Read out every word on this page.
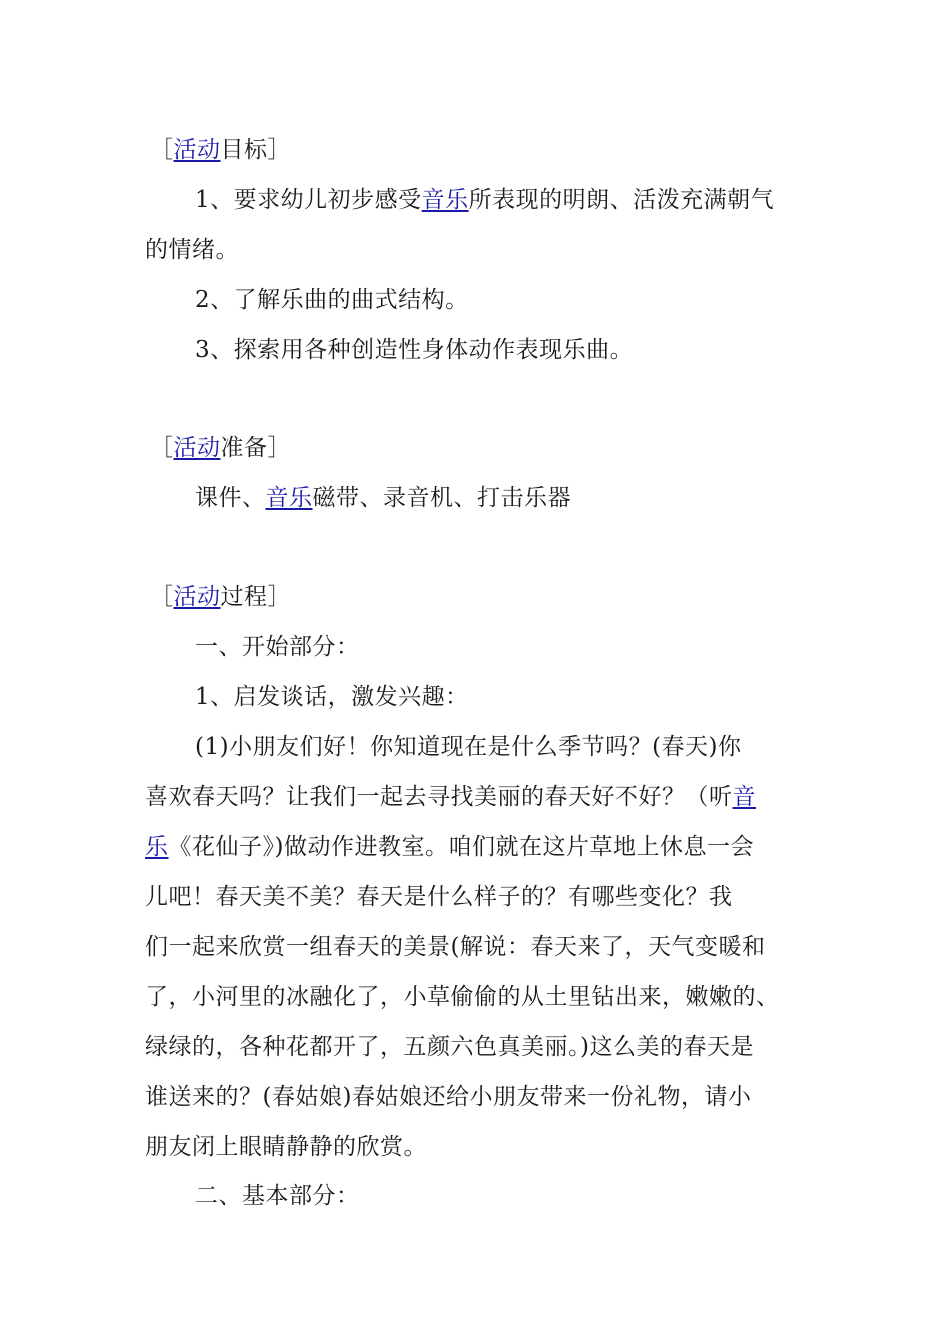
［活动目标］
1、要求幼儿初步感受音乐所表现的明朗、活泼充满朝气
的情绪。
2、了解乐曲的曲式结构。
3、探索用各种创造性身体动作表现乐曲。
［活动准备］
课件、音乐磁带、录音机、打击乐器
［活动过程］
一、开始部分：
1、启发谈话，激发兴趣：
(1)小朋友们好！你知道现在是什么季节吗？(春天)你
喜欢春天吗？让我们一起去寻找美丽的春天好不好？（听音
乐《花仙子》)做动作进教室。咱们就在这片草地上休息一会
儿吧！春天美不美？春天是什么样子的？有哪些变化？我
们一起来欣赏一组春天的美景(解说：春天来了，天气变暖和
了，小河里的冰融化了，小草偷偷的从土里钻出来，嫩嫩的、
绿绿的，各种花都开了，五颜六色真美丽。)这么美的春天是
谁送来的？(春姑娘)春姑娘还给小朋友带来一份礼物，请小
朋友闭上眼睛静静的欣赏。
二、基本部分：
